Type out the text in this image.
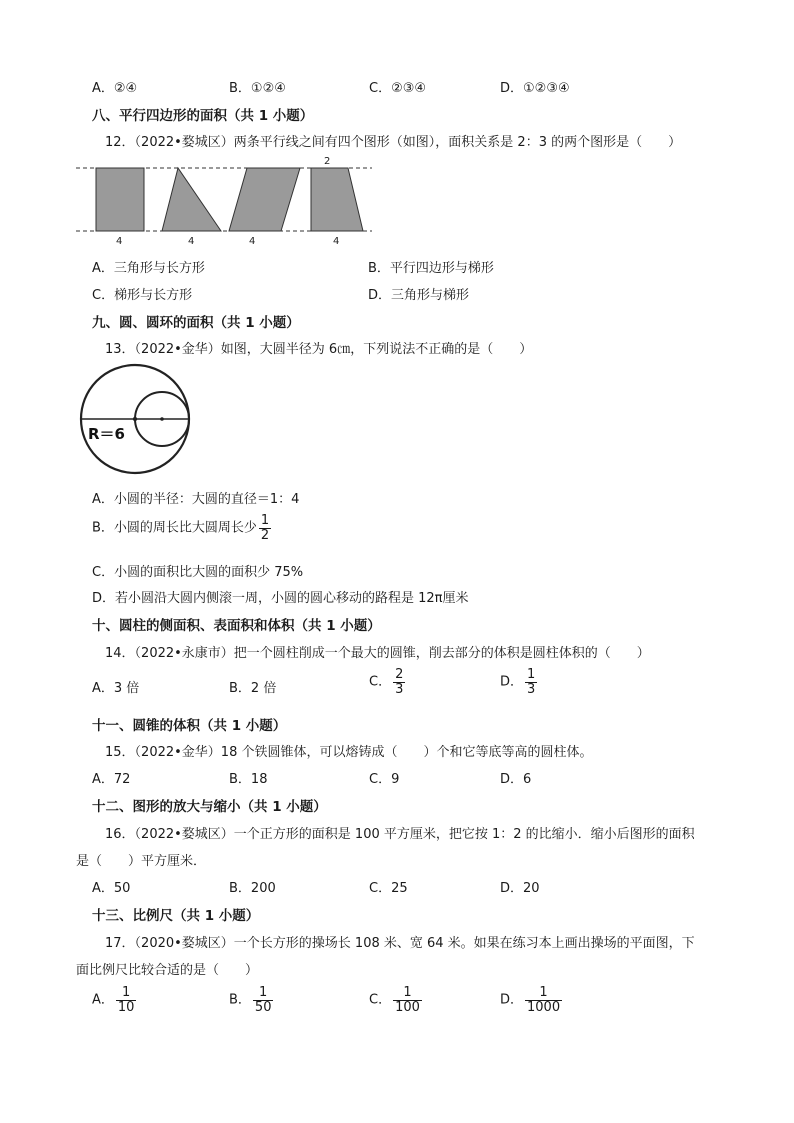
A．②④	B．①②④	C．②③④	D．①②③④
八、平行四边形的面积（共 1 小题）
12．（2022•婺城区）两条平行线之间有四个图形（如图），面积关系是 2：3 的两个图形是（　　）
2
4	4	4	4
A．三角形与长方形	B．平行四边形与梯形
C．梯形与长方形	D．三角形与梯形
九、圆、圆环的面积（共 1 小题）
13．（2022•金华）如图，大圆半径为 6㎝，下列说法不正确的是（　　）
R＝6
A．小圆的半径：大圆的直径＝1：4
B．小圆的周长比大圆周长少 $\frac{1}{2}$
C．小圆的面积比大圆的面积少 75%
D．若小圆沿大圆内侧滚一周，小圆的圆心移动的路程是 12π厘米
十、圆柱的侧面积、表面积和体积（共 1 小题）
14．（2022•永康市）把一个圆柱削成一个最大的圆锥，削去部分的体积是圆柱体积的（　　）
A．3 倍	B．2 倍	C． $\frac{2}{3}$	D． $\frac{1}{3}$
十一、圆锥的体积（共 1 小题）
15．（2022•金华）18 个铁圆锥体，可以熔铸成（　　）个和它等底等高的圆柱体。
A．72	B．18	C．9	D．6
十二、图形的放大与缩小（共 1 小题）
16．（2022•婺城区）一个正方形的面积是 100 平方厘米，把它按 1：2 的比缩小．缩小后图形的面积
是（　　）平方厘米．
A．50	B．200	C．25	D．20
十三、比例尺（共 1 小题）
17．（2020•婺城区）一个长方形的操场长 108 米、宽 64 米。如果在练习本上画出操场的平面图，下
面比例尺比较合适的是（　　）
A． $\frac{1}{10}$	B． $\frac{1}{50}$	C． $\frac{1}{100}$	D． $\frac{1}{1000}$
